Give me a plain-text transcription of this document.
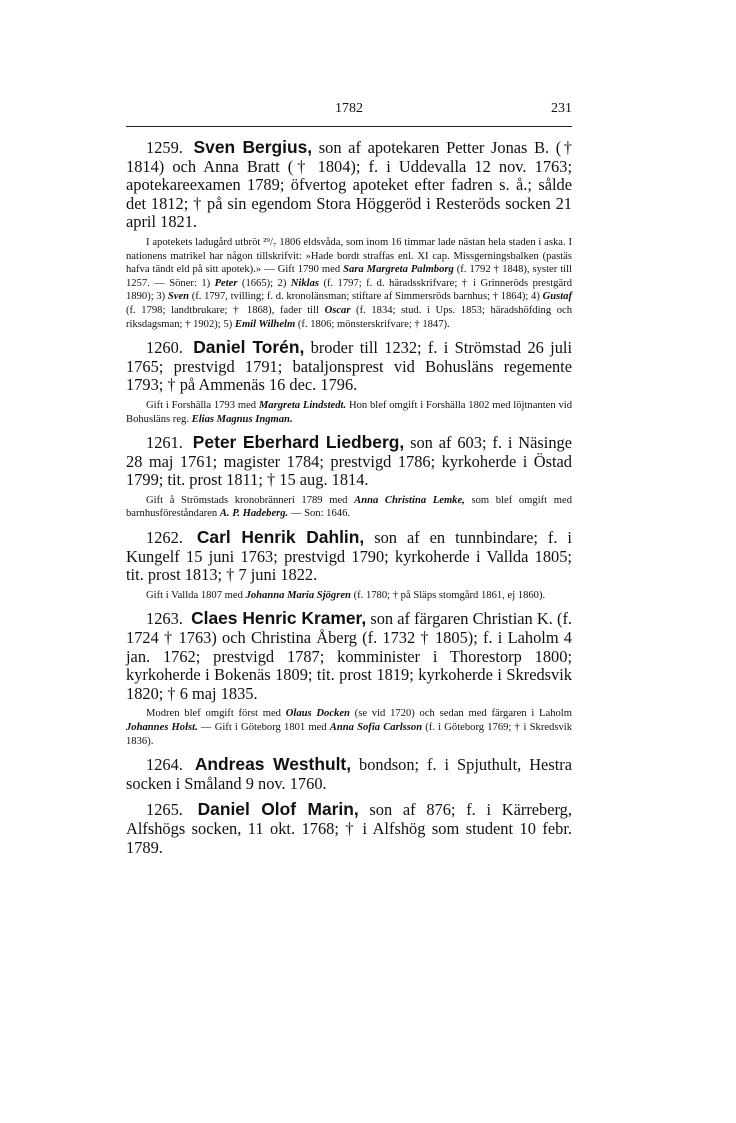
1782	231

1259. Sven Bergius, son af apotekaren Petter Jonas B. († 1814) och Anna Bratt († 1804); f. i Uddevalla 12 nov. 1763; apotekareexamen 1789; öfvertog apoteket efter fadren s. å.; sålde det 1812; † på sin egendom Stora Höggeröd i Resteröds socken 21 april 1821.

I apotekets ladugård utbröt ²⁹/₇ 1806 eldsvåda, som inom 16 timmar lade nästan hela staden i aska. I nationens matrikel har någon tillskrifvit: »Hade bordt straffas enl. XI cap. Missgerningsbalken (pastäs hafva tändt eld på sitt apotek).» — Gift 1790 med Sara Margreta Palmborg (f. 1792 † 1848), syster till 1257. — Söner: 1) Peter (1665); 2) Niklas (f. 1797; f. d. häradsskrifvare; † i Grinneröds prestgärd 1890); 3) Sven (f. 1797, tvilling; f. d. kronolänsman; stiftare af Simmersröds barnhus; † 1864); 4) Gustaf (f. 1798; landtbrukare; † 1868), fader till Oscar (f. 1834; stud. i Ups. 1853; häradshöfding och riksdagsman; † 1902); 5) Emil Wilhelm (f. 1806; mönsterskrifvare; † 1847).

1260. Daniel Torén, broder till 1232; f. i Strömstad 26 juli 1765; prestvigd 1791; bataljonsprest vid Bohusläns regemente 1793; † på Ammenäs 16 dec. 1796.

Gift i Forshälla 1793 med Margreta Lindstedt. Hon blef omgift i Forshälla 1802 med löjtnanten vid Bohusläns reg. Elias Magnus Ingman.

1261. Peter Eberhard Liedberg, son af 603; f. i Näsinge 28 maj 1761; magister 1784; prestvigd 1786; kyrkoherde i Östad 1799; tit. prost 1811; † 15 aug. 1814.

Gift å Strömstads kronobränneri 1789 med Anna Christina Lemke, som blef omgift med barnhusföreståndaren A. P. Hadeberg. — Son: 1646.

1262. Carl Henrik Dahlin, son af en tunnbindare; f. i Kungelf 15 juni 1763; prestvigd 1790; kyrkoherde i Vallda 1805; tit. prost 1813; † 7 juni 1822.

Gift i Vallda 1807 med Johanna Maria Sjögren (f. 1780; † på Släps stomgård 1861, ej 1860).

1263. Claes Henric Kramer, son af färgaren Christian K. (f. 1724 † 1763) och Christina Åberg (f. 1732 † 1805); f. i Laholm 4 jan. 1762; prestvigd 1787; komminister i Thorestorp 1800; kyrkoherde i Bokenäs 1809; tit. prost 1819; kyrkoherde i Skredsvik 1820; † 6 maj 1835.

Modren blef omgift först med Olaus Docken (se vid 1720) och sedan med färgaren i Laholm Johannes Holst. — Gift i Göteborg 1801 med Anna Sofia Carlsson (f. i Göteborg 1769; † i Skredsvik 1836).

1264. Andreas Westhult, bondson; f. i Spjuthult, Hestra socken i Småland 9 nov. 1760.

1265. Daniel Olof Marin, son af 876; f. i Kärreberg, Alfshögs socken, 11 okt. 1768; † i Alfshög som student 10 febr. 1789.
